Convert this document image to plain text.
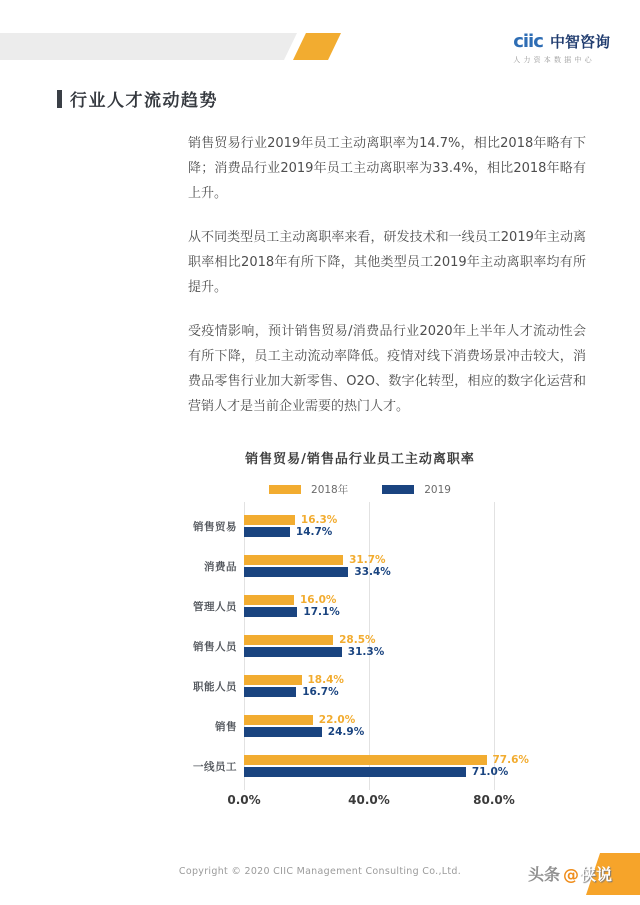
ciic 中智咨询
人力资本数据中心
行业人才流动趋势

销售贸易行业2019年员工主动离职率为14.7%，相比2018年略有下降；消费品行业2019年员工主动离职率为33.4%，相比2018年略有上升。

从不同类型员工主动离职率来看，研发技术和一线员工2019年主动离职率相比2018年有所下降，其他类型员工2019年主动离职率均有所提升。

受疫情影响，预计销售贸易/消费品行业2020年上半年人才流动性会有所下降，员工主动流动率降低。疫情对线下消费场景冲击较大，消费品零售行业加大新零售、O2O、数字化转型，相应的数字化运营和营销人才是当前企业需要的热门人才。

销售贸易/销售品行业员工主动离职率
2018年	2019
销售贸易
16.3%
14.7%
消费品
31.7%
33.4%
管理人员
16.0%
17.1%
销售人员
28.5%
31.3%
职能人员
18.4%
16.7%
销售
22.0%
24.9%
一线员工
77.6%
71.0%
0.0%	40.0%	80.0%
Copyright © 2020 CIIC Management Consulting Co.,Ltd.	头条 @侠说
